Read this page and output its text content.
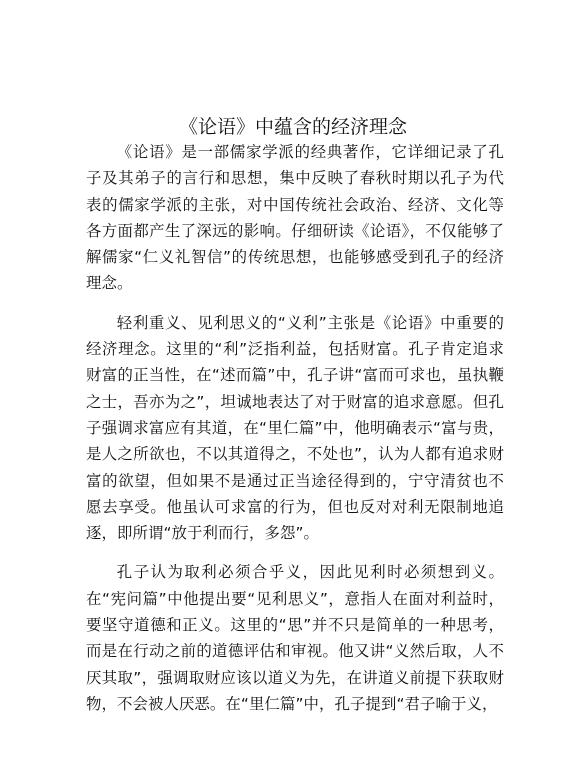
《论语》中蕴含的经济理念

《论语》是一部儒家学派的经典著作，它详细记录了孔子及其弟子的言行和思想，集中反映了春秋时期以孔子为代表的儒家学派的主张，对中国传统社会政治、经济、文化等各方面都产生了深远的影响。仔细研读《论语》，不仅能够了解儒家“仁义礼智信”的传统思想，也能够感受到孔子的经济理念。

轻利重义、见利思义的“义利”主张是《论语》中重要的经济理念。这里的“利”泛指利益，包括财富。孔子肯定追求财富的正当性，在“述而篇”中，孔子讲“富而可求也，虽执鞭之士，吾亦为之”，坦诚地表达了对于财富的追求意愿。但孔子强调求富应有其道，在“里仁篇”中，他明确表示“富与贵，是人之所欲也，不以其道得之，不处也”，认为人都有追求财富的欲望，但如果不是通过正当途径得到的，宁守清贫也不愿去享受。他虽认可求富的行为，但也反对对利无限制地追逐，即所谓“放于利而行，多怨”。

孔子认为取利必须合乎义，因此见利时必须想到义。在“宪问篇”中他提出要“见利思义”，意指人在面对利益时，要坚守道德和正义。这里的“思”并不只是简单的一种思考，而是在行动之前的道德评估和审视。他又讲“义然后取，人不厌其取”，强调取财应该以道义为先，在讲道义前提下获取财物，不会被人厌恶。在“里仁篇”中，孔子提到“君子喻于义，
